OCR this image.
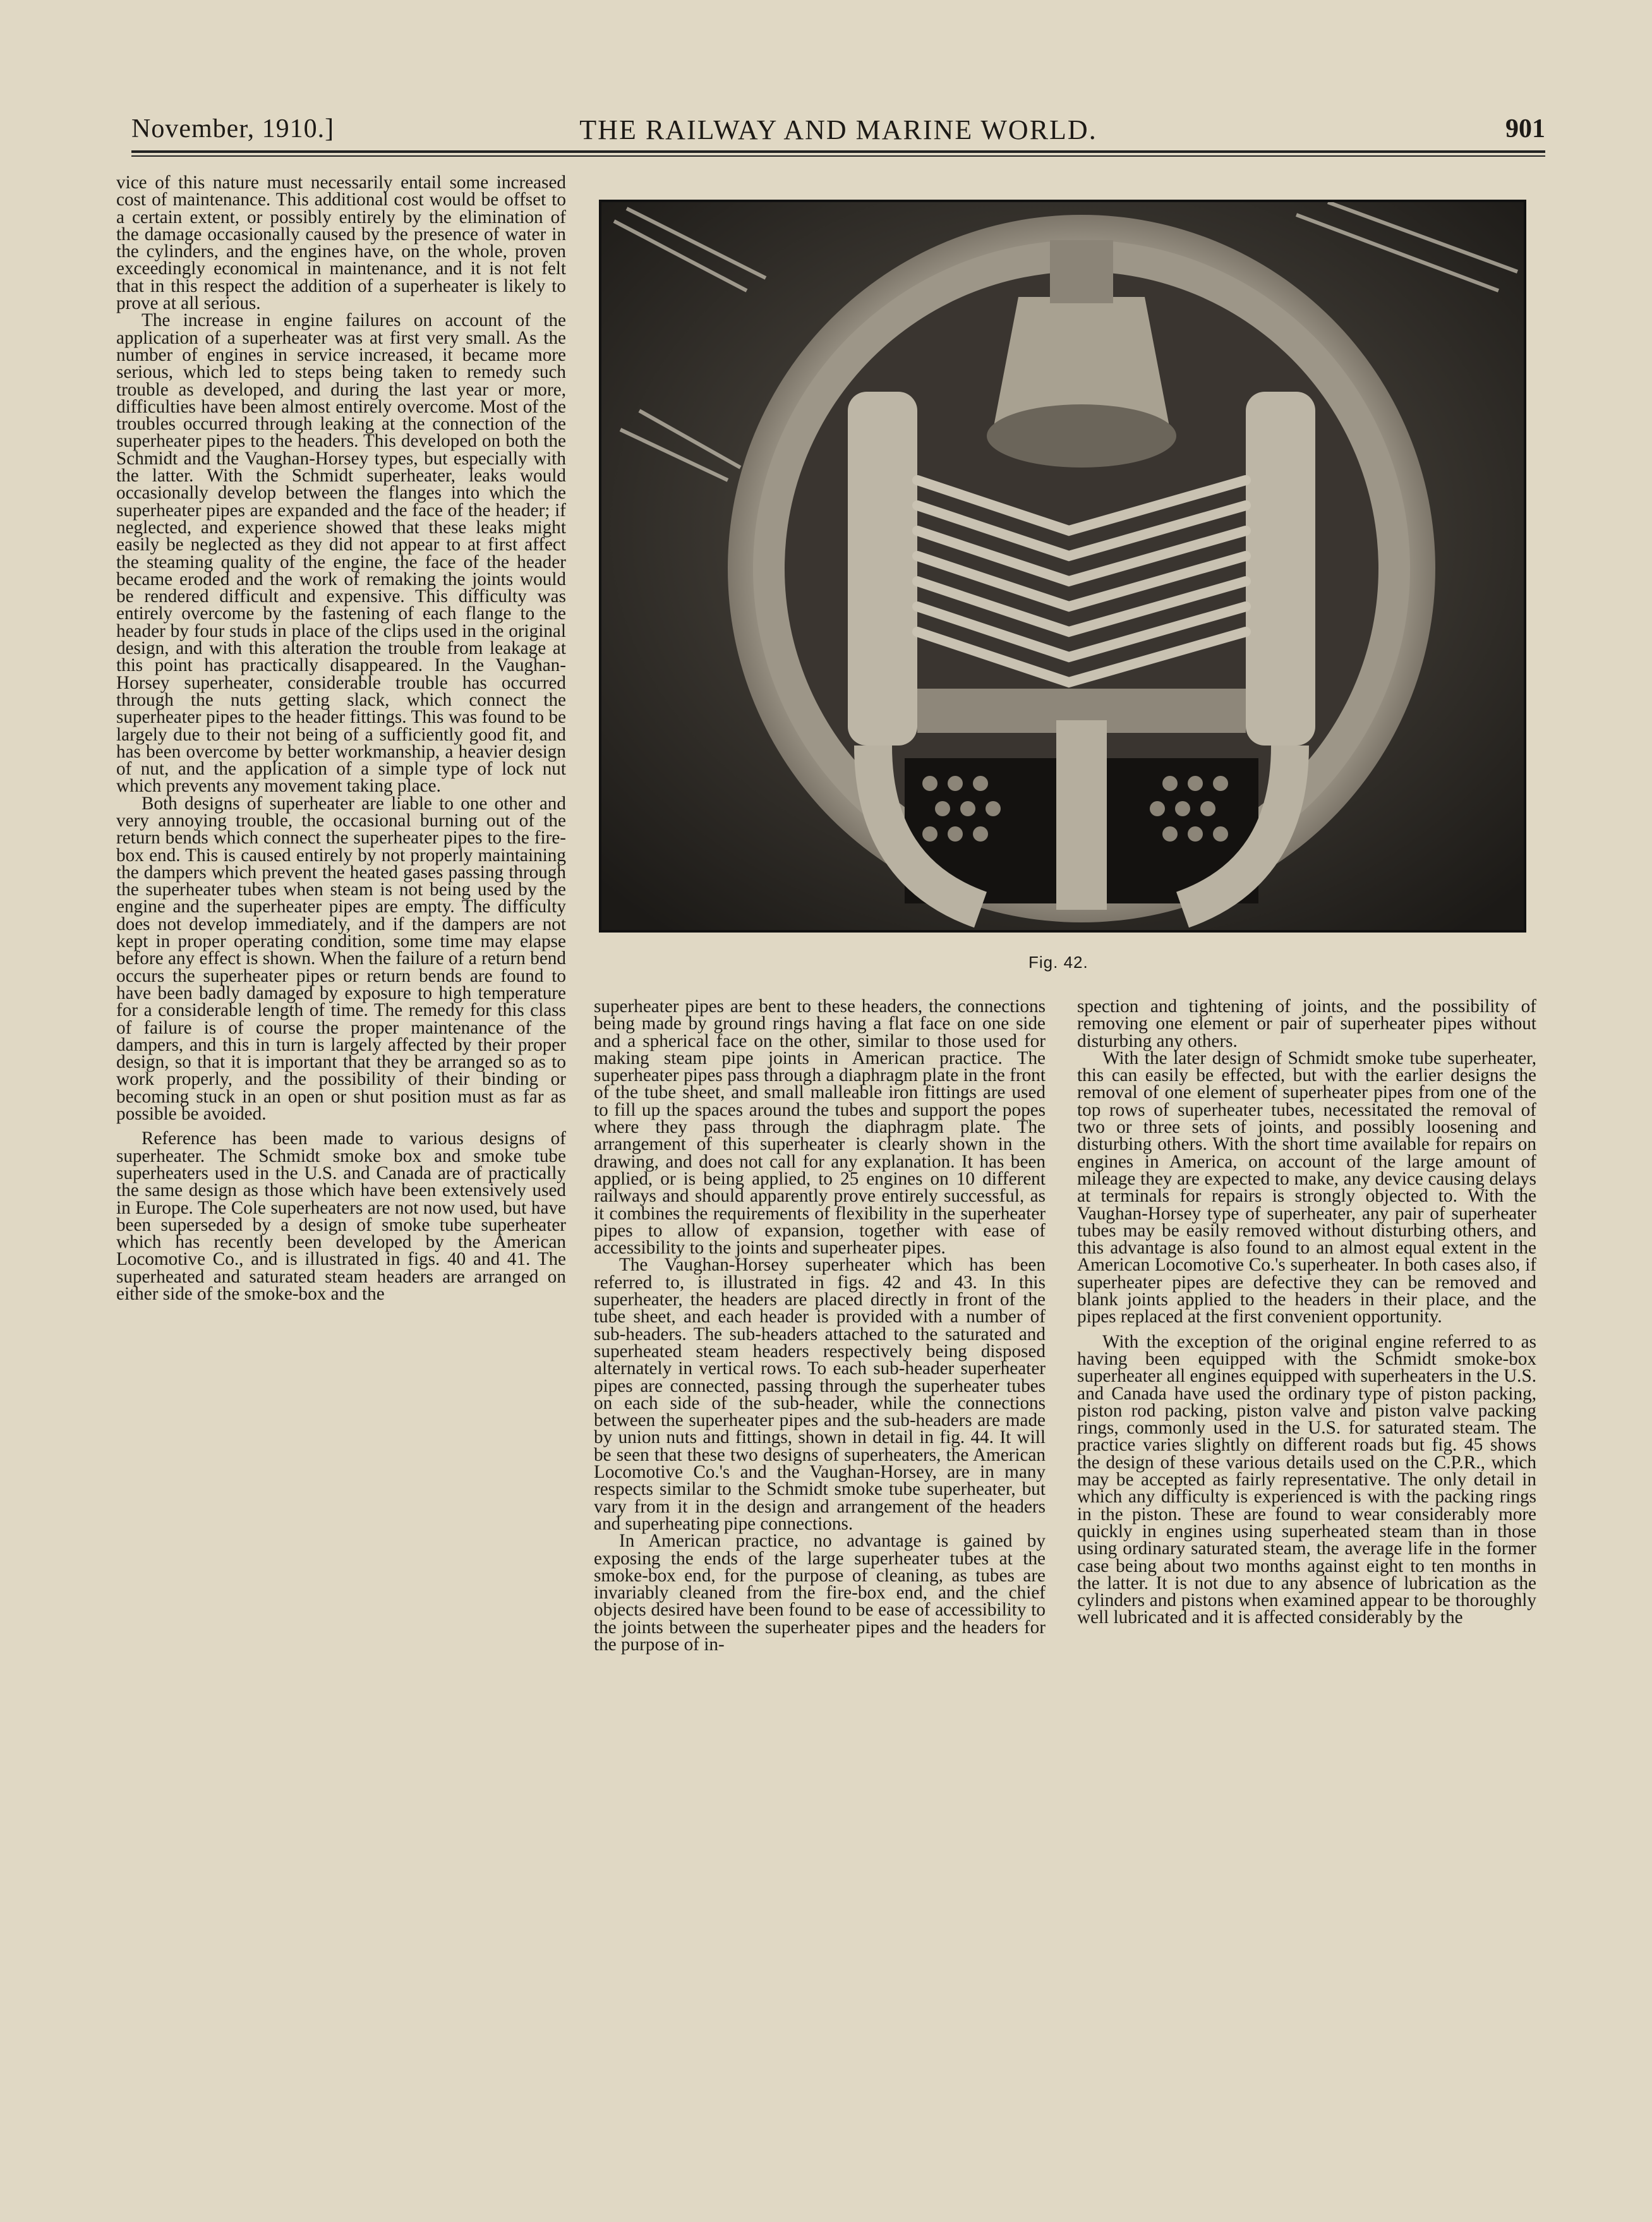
November, 1910.]	THE RAILWAY AND MARINE WORLD.	901

vice of this nature must necessarily entail some increased cost of maintenance. This additional cost would be offset to a certain extent, or possibly entirely by the elimination of the damage occasionally caused by the presence of water in the cylinders, and the engines have, on the whole, proven exceedingly economical in maintenance, and it is not felt that in this respect the addition of a superheater is likely to prove at all serious.

The increase in engine failures on account of the application of a superheater was at first very small. As the number of engines in service increased, it became more serious, which led to steps being taken to remedy such trouble as developed, and during the last year or more, difficulties have been almost entirely overcome. Most of the troubles occurred through leaking at the connection of the superheater pipes to the headers. This developed on both the Schmidt and the Vaughan-Horsey types, but especially with the latter. With the Schmidt superheater, leaks would occasionally develop between the flanges into which the superheater pipes are expanded and the face of the header; if neglected, and experience showed that these leaks might easily be neglected as they did not appear to at first affect the steaming quality of the engine, the face of the header became eroded and the work of remaking the joints would be rendered difficult and expensive. This difficulty was entirely overcome by the fastening of each flange to the header by four studs in place of the clips used in the original design, and with this alteration the trouble from leakage at this point has practically disappeared. In the Vaughan-Horsey superheater, considerable trouble has occurred through the nuts getting slack, which connect the superheater pipes to the header fittings. This was found to be largely due to their not being of a sufficiently good fit, and has been overcome by better workmanship, a heavier design of nut, and the application of a simple type of lock nut which prevents any movement taking place.

Both designs of superheater are liable to one other and very annoying trouble, the occasional burning out of the return bends which connect the superheater pipes to the fire-box end. This is caused entirely by not properly maintaining the dampers which prevent the heated gases passing through the superheater tubes when steam is not being used by the engine and the superheater pipes are empty. The difficulty does not develop immediately, and if the dampers are not kept in proper operating condition, some time may elapse before any effect is shown. When the failure of a return bend occurs the superheater pipes or return bends are found to have been badly damaged by exposure to high temperature for a considerable length of time. The remedy for this class of failure is of course the proper maintenance of the dampers, and this in turn is largely affected by their proper design, so that it is important that they be arranged so as to work properly, and the possibility of their binding or becoming stuck in an open or shut position must as far as possible be avoided.

Reference has been made to various designs of superheater. The Schmidt smoke box and smoke tube superheaters used in the U.S. and Canada are of practically the same design as those which have been extensively used in Europe. The Cole superheaters are not now used, but have been superseded by a design of smoke tube superheater which has recently been developed by the American Locomotive Co., and is illustrated in figs. 40 and 41. The superheated and saturated steam headers are arranged on either side of the smoke-box and the

Fig. 42.

superheater pipes are bent to these headers, the connections being made by ground rings having a flat face on one side and a spherical face on the other, similar to those used for making steam pipe joints in American practice. The superheater pipes pass through a diaphragm plate in the front of the tube sheet, and small malleable iron fittings are used to fill up the spaces around the tubes and support the popes where they pass through the diaphragm plate. The arrangement of this superheater is clearly shown in the drawing, and does not call for any explanation. It has been applied, or is being applied, to 25 engines on 10 different railways and should apparently prove entirely successful, as it combines the requirements of flexibility in the superheater pipes to allow of expansion, together with ease of accessibility to the joints and superheater pipes.

The Vaughan-Horsey superheater which has been referred to, is illustrated in figs. 42 and 43. In this superheater, the headers are placed directly in front of the tube sheet, and each header is provided with a number of sub-headers. The sub-headers attached to the saturated and superheated steam headers respectively being disposed alternately in vertical rows. To each sub-header superheater pipes are connected, passing through the superheater tubes on each side of the sub-header, while the connections between the superheater pipes and the sub-headers are made by union nuts and fittings, shown in detail in fig. 44. It will be seen that these two designs of superheaters, the American Locomotive Co.'s and the Vaughan-Horsey, are in many respects similar to the Schmidt smoke tube superheater, but vary from it in the design and arrangement of the headers and superheating pipe connections.

In American practice, no advantage is gained by exposing the ends of the large superheater tubes at the smoke-box end, for the purpose of cleaning, as tubes are invariably cleaned from the fire-box end, and the chief objects desired have been found to be ease of accessibility to the joints between the superheater pipes and the headers for the purpose of in-

spection and tightening of joints, and the possibility of removing one element or pair of superheater pipes without disturbing any others.

With the later design of Schmidt smoke tube superheater, this can easily be effected, but with the earlier designs the removal of one element of superheater pipes from one of the top rows of superheater tubes, necessitated the removal of two or three sets of joints, and possibly loosening and disturbing others. With the short time available for repairs on engines in America, on account of the large amount of mileage they are expected to make, any device causing delays at terminals for repairs is strongly objected to. With the Vaughan-Horsey type of superheater, any pair of superheater tubes may be easily removed without disturbing others, and this advantage is also found to an almost equal extent in the American Locomotive Co.'s superheater. In both cases also, if superheater pipes are defective they can be removed and blank joints applied to the headers in their place, and the pipes replaced at the first convenient opportunity.

With the exception of the original engine referred to as having been equipped with the Schmidt smoke-box superheater all engines equipped with superheaters in the U.S. and Canada have used the ordinary type of piston packing, piston rod packing, piston valve and piston valve packing rings, commonly used in the U.S. for saturated steam. The practice varies slightly on different roads but fig. 45 shows the design of these various details used on the C.P.R., which may be accepted as fairly representative. The only detail in which any difficulty is experienced is with the packing rings in the piston. These are found to wear considerably more quickly in engines using superheated steam than in those using ordinary saturated steam, the average life in the former case being about two months against eight to ten months in the latter. It is not due to any absence of lubrication as the cylinders and pistons when examined appear to be thoroughly well lubricated and it is affected considerably by the
